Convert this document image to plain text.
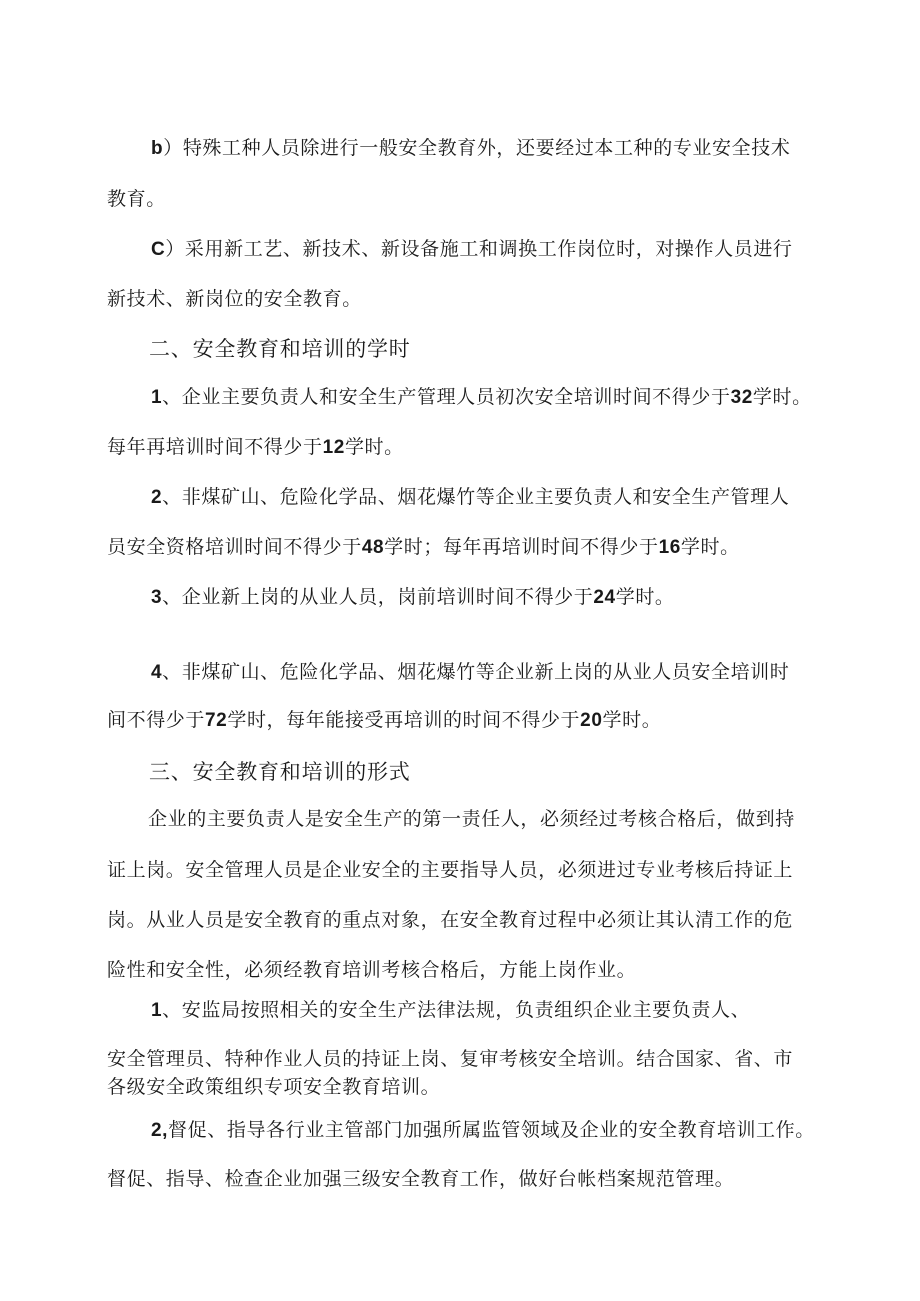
b）特殊工种人员除进行一般安全教育外，还要经过本工种的专业安全技术
教育。
C）采用新工艺、新技术、新设备施工和调换工作岗位时，对操作人员进行
新技术、新岗位的安全教育。
二、安全教育和培训的学时
1、企业主要负责人和安全生产管理人员初次安全培训时间不得少于32学时。
每年再培训时间不得少于12学时。
2、非煤矿山、危险化学品、烟花爆竹等企业主要负责人和安全生产管理人
员安全资格培训时间不得少于48学时；每年再培训时间不得少于16学时。
3、企业新上岗的从业人员，岗前培训时间不得少于24学时。
4、非煤矿山、危险化学品、烟花爆竹等企业新上岗的从业人员安全培训时
间不得少于72学时，每年能接受再培训的时间不得少于20学时。
三、安全教育和培训的形式
企业的主要负责人是安全生产的第一责任人，必须经过考核合格后，做到持
证上岗。安全管理人员是企业安全的主要指导人员，必须进过专业考核后持证上
岗。从业人员是安全教育的重点对象，在安全教育过程中必须让其认清工作的危
险性和安全性，必须经教育培训考核合格后，方能上岗作业。
1、安监局按照相关的安全生产法律法规，负责组织企业主要负责人、
安全管理员、特种作业人员的持证上岗、复审考核安全培训。结合国家、省、市
各级安全政策组织专项安全教育培训。
2,督促、指导各行业主管部门加强所属监管领域及企业的安全教育培训工作。
督促、指导、检查企业加强三级安全教育工作，做好台帐档案规范管理。
